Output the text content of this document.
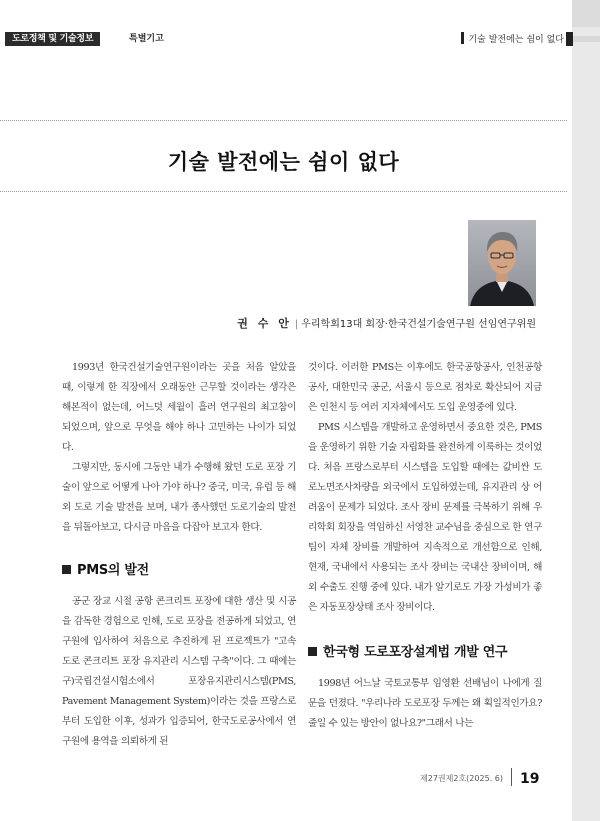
도로정책 및 기술정보	특별기고	기술 발전에는 쉼이 없다
기술 발전에는 쉼이 없다
권 수 안 | 우리학회13대 회장·한국건설기술연구원 선임연구위원

1993년 한국건설기술연구원이라는 곳을 처음 알았을 때, 이렇게 한 직장에서 오래동안 근무할 것이라는 생각은 해본적이 없는데, 어느덧 세월이 흘러 연구원의 최고참이 되었으며, 앞으로 무엇을 해야 하나 고민하는 나이가 되었다.

그렇지만, 동시에 그동안 내가 수행해 왔던 도로 포장 기술이 앞으로 어떻게 나아 가야 하나? 중국, 미국, 유럽 등 해외 도로 기술 발전을 보며, 내가 종사했던 도로기술의 발전을 뒤돌아보고, 다시금 마음을 다잡아 보고자 한다.

PMS의 발전

공군 장교 시절 공항 콘크리트 포장에 대한 생산 및 시공을 감독한 경험으로 인해, 도로 포장을 전공하게 되었고, 연구원에 입사하여 처음으로 추진하게 된 프로젝트가 "고속도로 콘크리트 포장 유지관리 시스템 구축"이다. 그 때에는 구)국립건설시험소에서 포장유지관리시스템(PMS, Pavement Management System)이라는 것을 프랑스로부터 도입한 이후, 성과가 입증되어, 한국도로공사에서 연구원에 용역을 의뢰하게 된

것이다. 이러한 PMS는 이후에도 한국공항공사, 인천공항공사, 대한민국 공군, 서울시 등으로 점차로 확산되어 지금은 인천시 등 여러 지자체에서도 도입 운영중에 있다.

PMS 시스템을 개발하고 운영하면서 중요한 것은, PMS을 운영하기 위한 기술 자립화를 완전하게 이룩하는 것이었다. 처음 프랑스로부터 시스템을 도입할 때에는 값비싼 도로노면조사차량을 외국에서 도입하였는데, 유지관리 상 어려움이 문제가 되었다. 조사 장비 문제를 극복하기 위해 우리학회 회장을 역임하신 서영찬 교수님을 중심으로 한 연구팀이 자체 장비를 개발하여 지속적으로 개선함으로 인해, 현재, 국내에서 사용되는 조사 장비는 국내산 장비이며, 해외 수출도 진행 중에 있다. 내가 알기로도 가장 가성비가 좋은 자동포장상태 조사 장비이다.

한국형 도로포장설계법 개발 연구

1998년 어느날 국토교통부 임영환 선배님이 나에게 질문을 던졌다. "우리나라 도로포장 두께는 왜 획일적인가요? 줄일 수 있는 방안이 없나요?"그래서 나는

제27권제2호(2025. 6) 19
